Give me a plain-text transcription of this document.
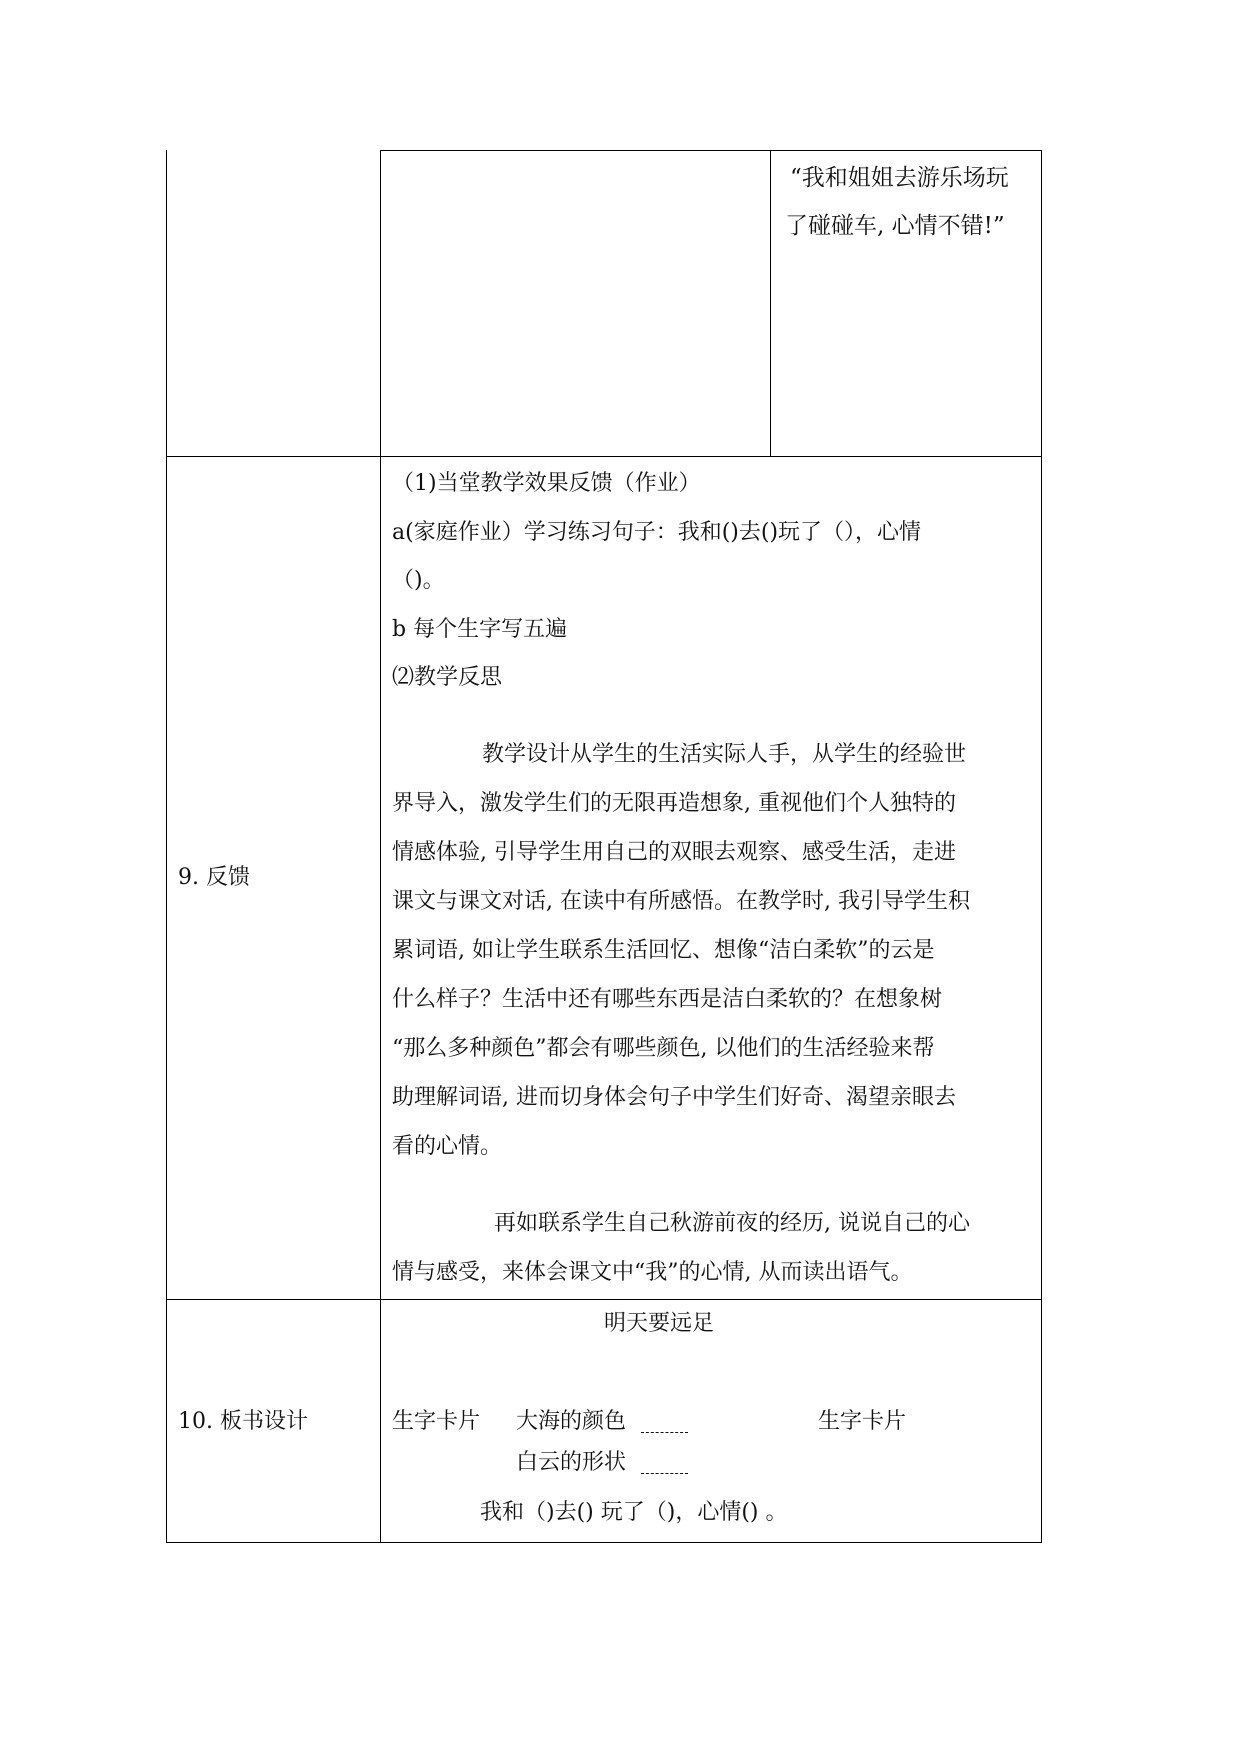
“我和姐姐去游乐场玩
了碰碰车, 心情不错!”
9. 反馈
（1)当堂教学效果反馈（作业）
a(家庭作业）学习练习句子：我和()去()玩了（），心情
（)。
b 每个生字写五遍
⑵教学反思
教学设计从学生的生活实际人手，从学生的经验世
界导入，激发学生们的无限再造想象, 重视他们个人独特的
情感体验, 引导学生用自己的双眼去观察、感受生活，走进
课文与课文对话, 在读中有所感悟。在教学时, 我引导学生积
累词语, 如让学生联系生活回忆、想像“洁白柔软”的云是
什么样子？生活中还有哪些东西是洁白柔软的？在想象树
“那么多种颜色”都会有哪些颜色, 以他们的生活经验来帮
助理解词语, 进而切身体会句子中学生们好奇、渴望亲眼去
看的心情。
再如联系学生自己秋游前夜的经历, 说说自己的心
情与感受，来体会课文中“我”的心情, 从而读出语气。
10. 板书设计
明天要远足
生字卡片 大海的颜色	生字卡片
白云的形状
我和（)去() 玩了（)，心情() 。
